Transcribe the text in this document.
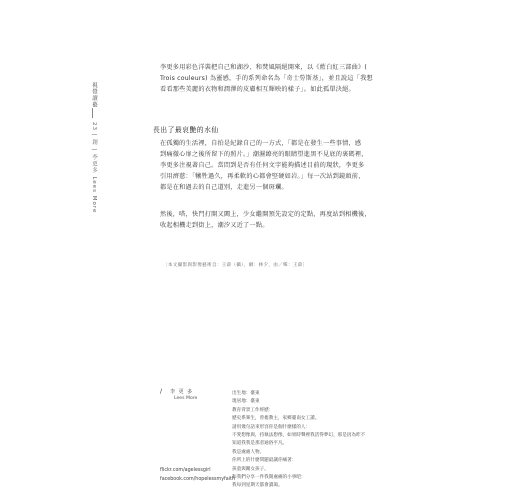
視覺讀藝
23 | 創 | 李更多 Lees More
李更多用彩色洋裝把自己和湖沙、和焚風隔絕開來，以《藍白紅三部曲》(
Trois couleurs) 為靈感，手的系列命名為「奇士勞斯基」，並且說這「我想
看看那些美麗的衣物和潤澤的皮膚相互輝映的樣子」。如此孤單決絕。
長出了最哀艷的水仙
在孤獨的生活裡，自拍是紀錄自己的一方式，「都是在發生一些事情，感
到痛徹心扉之後所留下的照片。」潮濕繚亮的眼睛望進黑不見底的裏碼裡，
李更多注視著自己。當問到是否有任何文字能夠描述目前的現狀，李更多
引用濟慈：「犧牲過久，再柔軟的心都會堅硬如岩。」每一次站到鏡頭前，
都是在和過去的自己道別，走進另一個斑斕。
然後，嗒，快門打開又闔上，少女繼開預先設定的定點，再度站到相機後，
收起相機走到街上，潮汐又近了一點。
〔本文攝影與影像藝術自：王薛（攝），網：林夕，由／晞：王薛〕
/ 李 更 多
Lees More
flickr.com/agelessgirl
facebook.com/hopelessmyfaith
出生地：臺東
現居地：臺東
教育背景工作經歷：
歷史系畢生，曾擔教主，家鄉臺南女工讀。
請用幾句話來形容你是個什麼樣的人：
不愛想像與，持執法想像，如果時聲裡我活得夢幻，那是因為昨不
知道我我是那者通俗平凡。
我是處處人物。
你所上的什麼問題最讓你痛著：
孩童與關女孩子。
和我們分享一件我開處痛的小事吧：
我每到星期天都會讀鴿。
